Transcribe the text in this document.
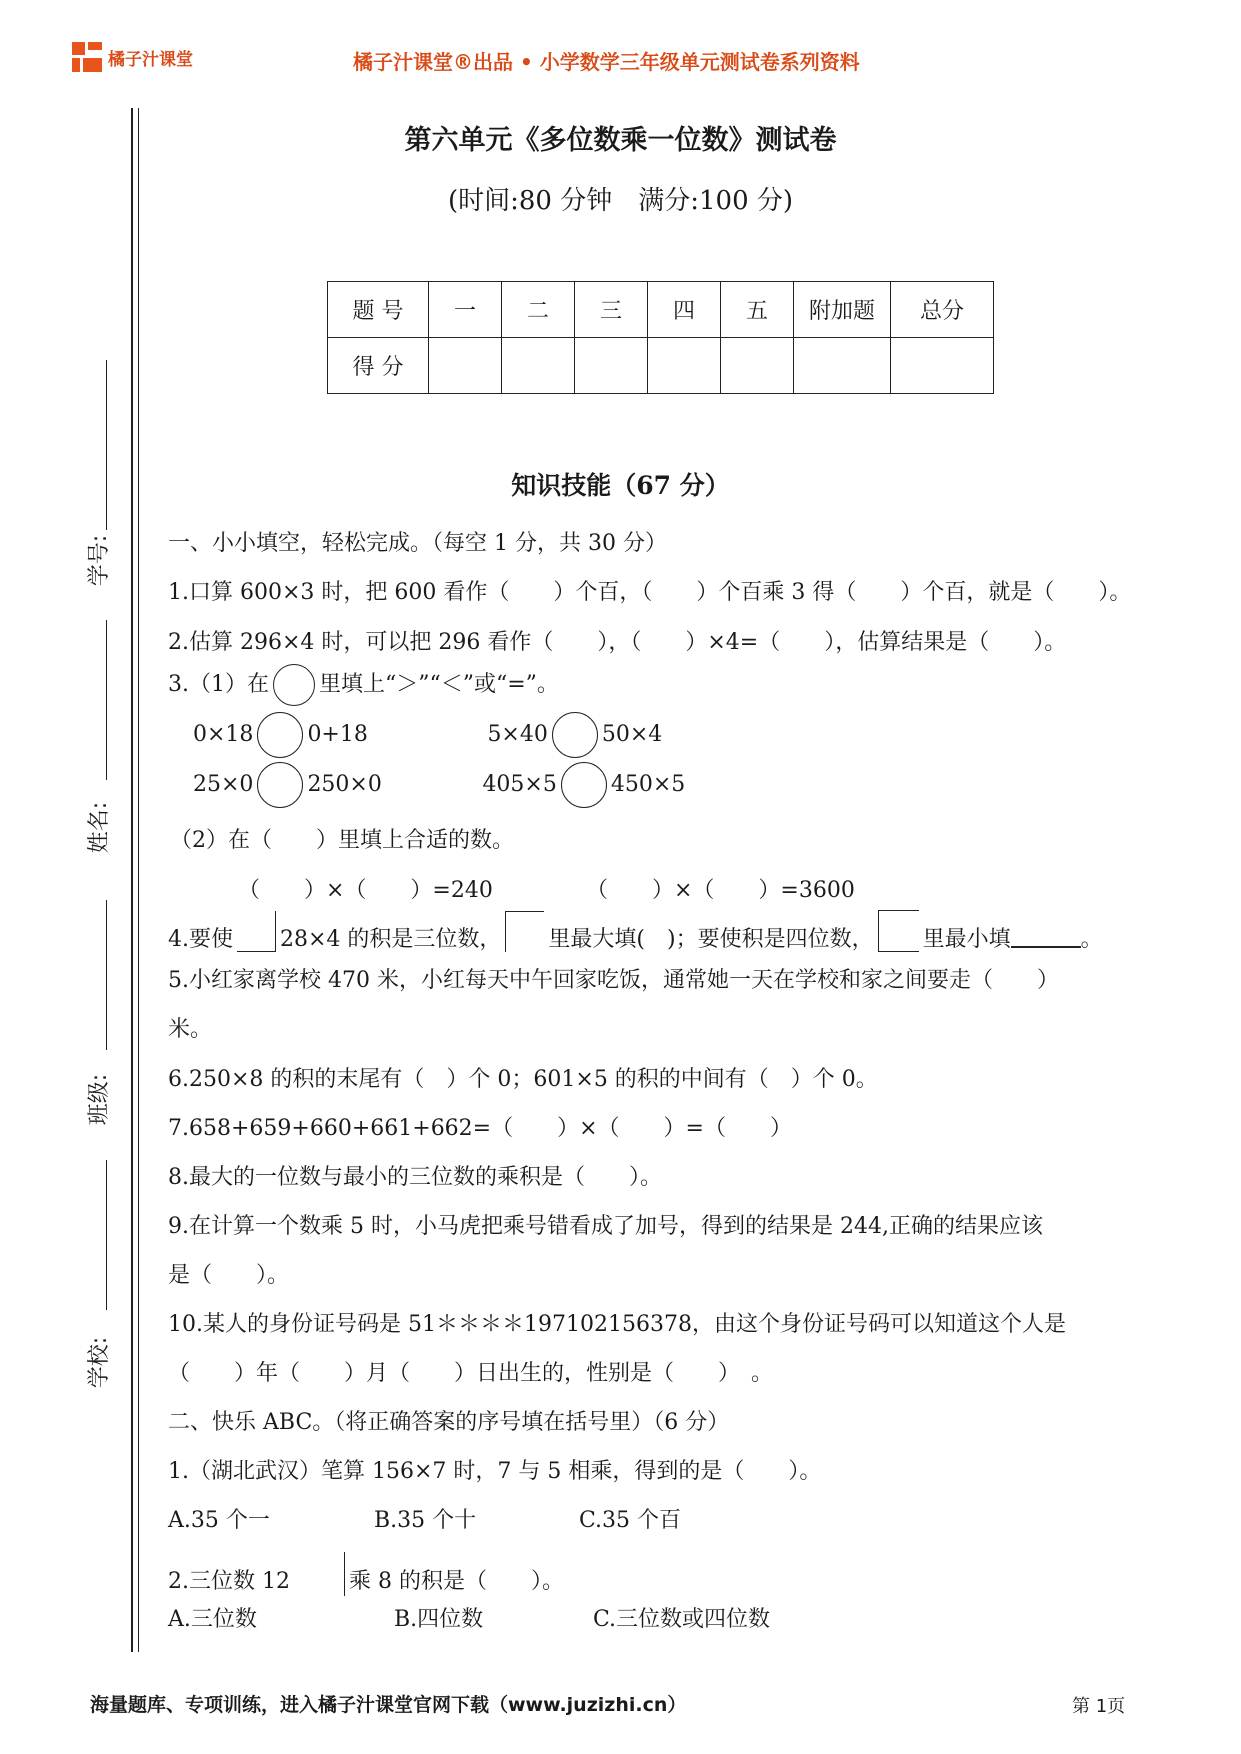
橘子汁课堂	橘子汁课堂®出品 • 小学数学三年级单元测试卷系列资料
学号:
姓名:
班级:
学校:
第六单元《多位数乘一位数》测试卷
(时间:80 分钟　满分:100 分)
题 号	一	二	三	四	五	附加题	总分
得 分							
知识技能（67 分）
一、小小填空，轻松完成。（每空 1 分，共 30 分）
1.口算 600×3 时，把 600 看作（　　）个百，（　　）个百乘 3 得（　　）个百，就是（　　）。
2.估算 296×4 时，可以把 296 看作（　　），（　　）×4=（　　），估算结果是（　　）。
3.（1）在 里填上“＞”“＜”或“=”。
0×18 0+18	5×40 50×4
25×0 250×0	405×5 450×5
（2）在（　　）里填上合适的数。
（　　）×（　　）=240	（　　）×（　　）=3600
4.要使 28×4 的积是三位数， 里最大填(　)；要使积是四位数， 里最小填	。
5.小红家离学校 470 米，小红每天中午回家吃饭，通常她一天在学校和家之间要走（　　）
米。
6.250×8 的积的末尾有（　）个 0；601×5 的积的中间有（　）个 0。
7.658+659+660+661+662=（　　）×（　　）=（　　）
8.最大的一位数与最小的三位数的乘积是（　　）。
9.在计算一个数乘 5 时，小马虎把乘号错看成了加号，得到的结果是 244,正确的结果应该
是（　　）。
10.某人的身份证号码是 51＊＊＊＊197102156378，由这个身份证号码可以知道这个人是
（　　）年（　　）月（　　）日出生的，性别是（　　）　。
二、快乐 ABC。（将正确答案的序号填在括号里）（6 分）
1.（湖北武汉）笔算 156×7 时，7 与 5 相乘，得到的是（　　）。
A.35 个一	B.35 个十	C.35 个百
2.三位数 12	乘 8 的积是（　　）。
A.三位数	B.四位数	C.三位数或四位数
海量题库、专项训练，进入橘子汁课堂官网下载（www.juzizhi.cn）	第 1页
